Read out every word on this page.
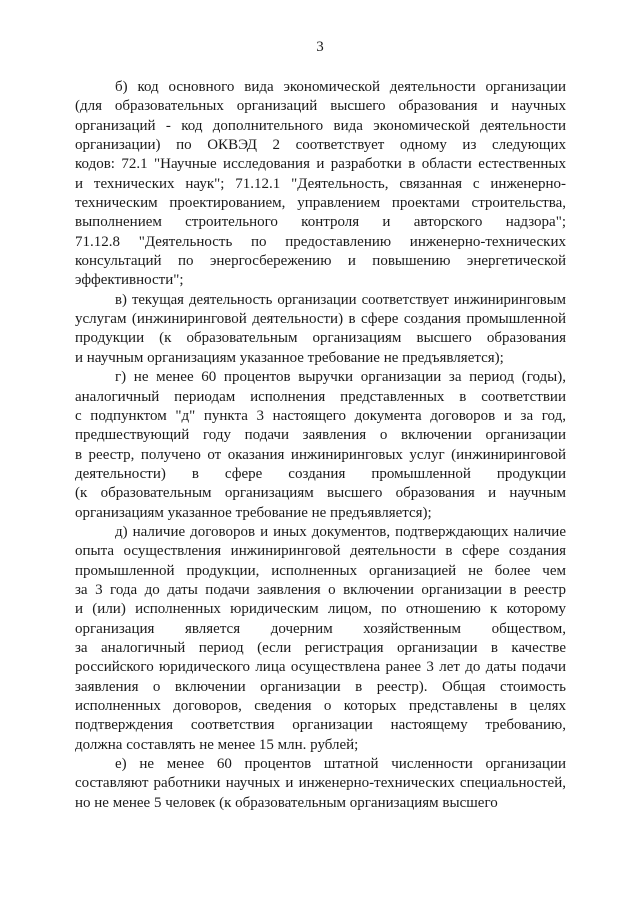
3
б) код основного вида экономической деятельности организации
(для образовательных организаций высшего образования и научных
организаций - код дополнительного вида экономической деятельности
организации) по ОКВЭД 2 соответствует одному из следующих
кодов: 72.1 "Научные исследования и разработки в области естественных
и технических наук"; 71.12.1 "Деятельность, связанная с инженерно-
техническим проектированием, управлением проектами строительства,
выполнением строительного контроля и авторского надзора";
71.12.8 "Деятельность по предоставлению инженерно-технических
консультаций по энергосбережению и повышению энергетической
эффективности";
в) текущая деятельность организации соответствует инжиниринговым
услугам (инжиниринговой деятельности) в сфере создания промышленной
продукции (к образовательным организациям высшего образования
и научным организациям указанное требование не предъявляется);
г) не менее 60 процентов выручки организации за период (годы),
аналогичный периодам исполнения представленных в соответствии
с подпунктом "д" пункта 3 настоящего документа договоров и за год,
предшествующий году подачи заявления о включении организации
в реестр, получено от оказания инжиниринговых услуг (инжиниринговой
деятельности) в сфере создания промышленной продукции
(к образовательным организациям высшего образования и научным
организациям указанное требование не предъявляется);
д) наличие договоров и иных документов, подтверждающих наличие
опыта осуществления инжиниринговой деятельности в сфере создания
промышленной продукции, исполненных организацией не более чем
за 3 года до даты подачи заявления о включении организации в реестр
и (или) исполненных юридическим лицом, по отношению к которому
организация является дочерним хозяйственным обществом,
за аналогичный период (если регистрация организации в качестве
российского юридического лица осуществлена ранее 3 лет до даты подачи
заявления о включении организации в реестр). Общая стоимость
исполненных договоров, сведения о которых представлены в целях
подтверждения соответствия организации настоящему требованию,
должна составлять не менее 15 млн. рублей;
е) не менее 60 процентов штатной численности организации
составляют работники научных и инженерно-технических специальностей,
но не менее 5 человек (к образовательным организациям высшего
